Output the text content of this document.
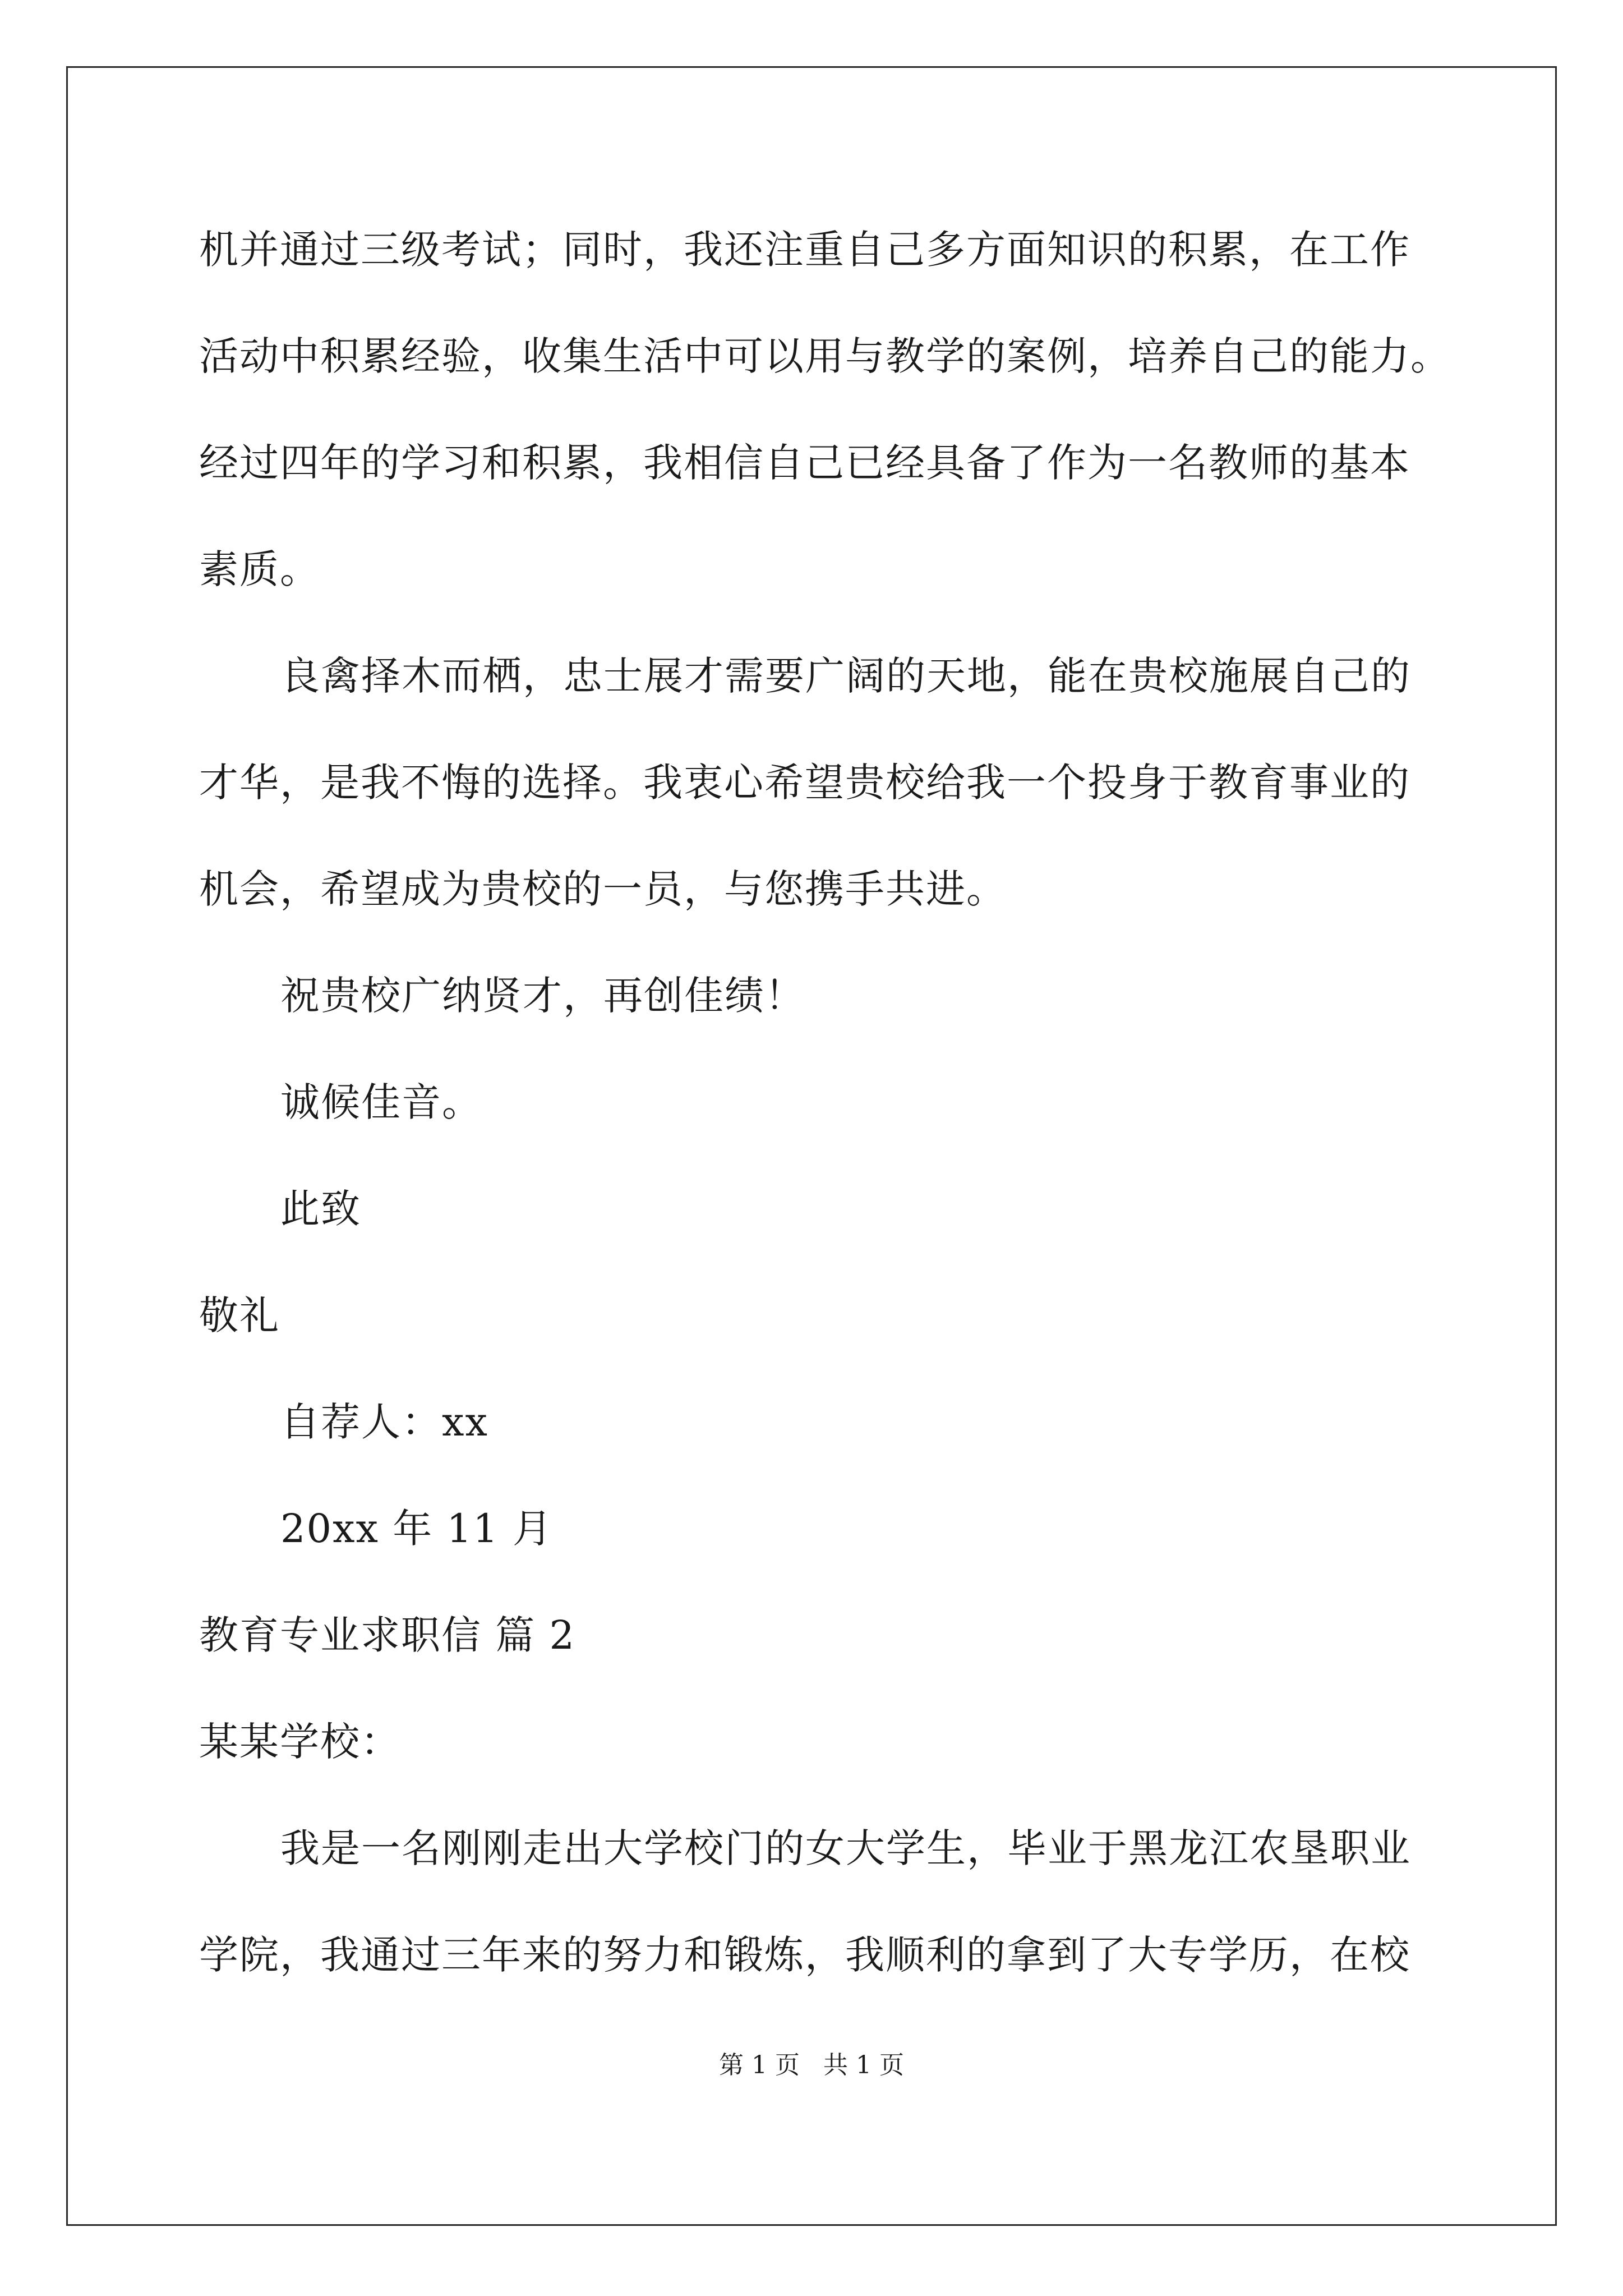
机并通过三级考试；同时，我还注重自己多方面知识的积累，在工作
活动中积累经验，收集生活中可以用与教学的案例，培养自己的能力。
经过四年的学习和积累，我相信自己已经具备了作为一名教师的基本
素质。
良禽择木而栖，忠士展才需要广阔的天地，能在贵校施展自己的
才华，是我不悔的选择。我衷心希望贵校给我一个投身于教育事业的
机会，希望成为贵校的一员，与您携手共进。
祝贵校广纳贤才，再创佳绩！
诚候佳音。
此致
敬礼
自荐人：xx
20xx 年 11 月
教育专业求职信 篇 2
某某学校：
我是一名刚刚走出大学校门的女大学生，毕业于黑龙江农垦职业
学院，我通过三年来的努力和锻炼，我顺利的拿到了大专学历，在校
第 1 页   共 1 页
